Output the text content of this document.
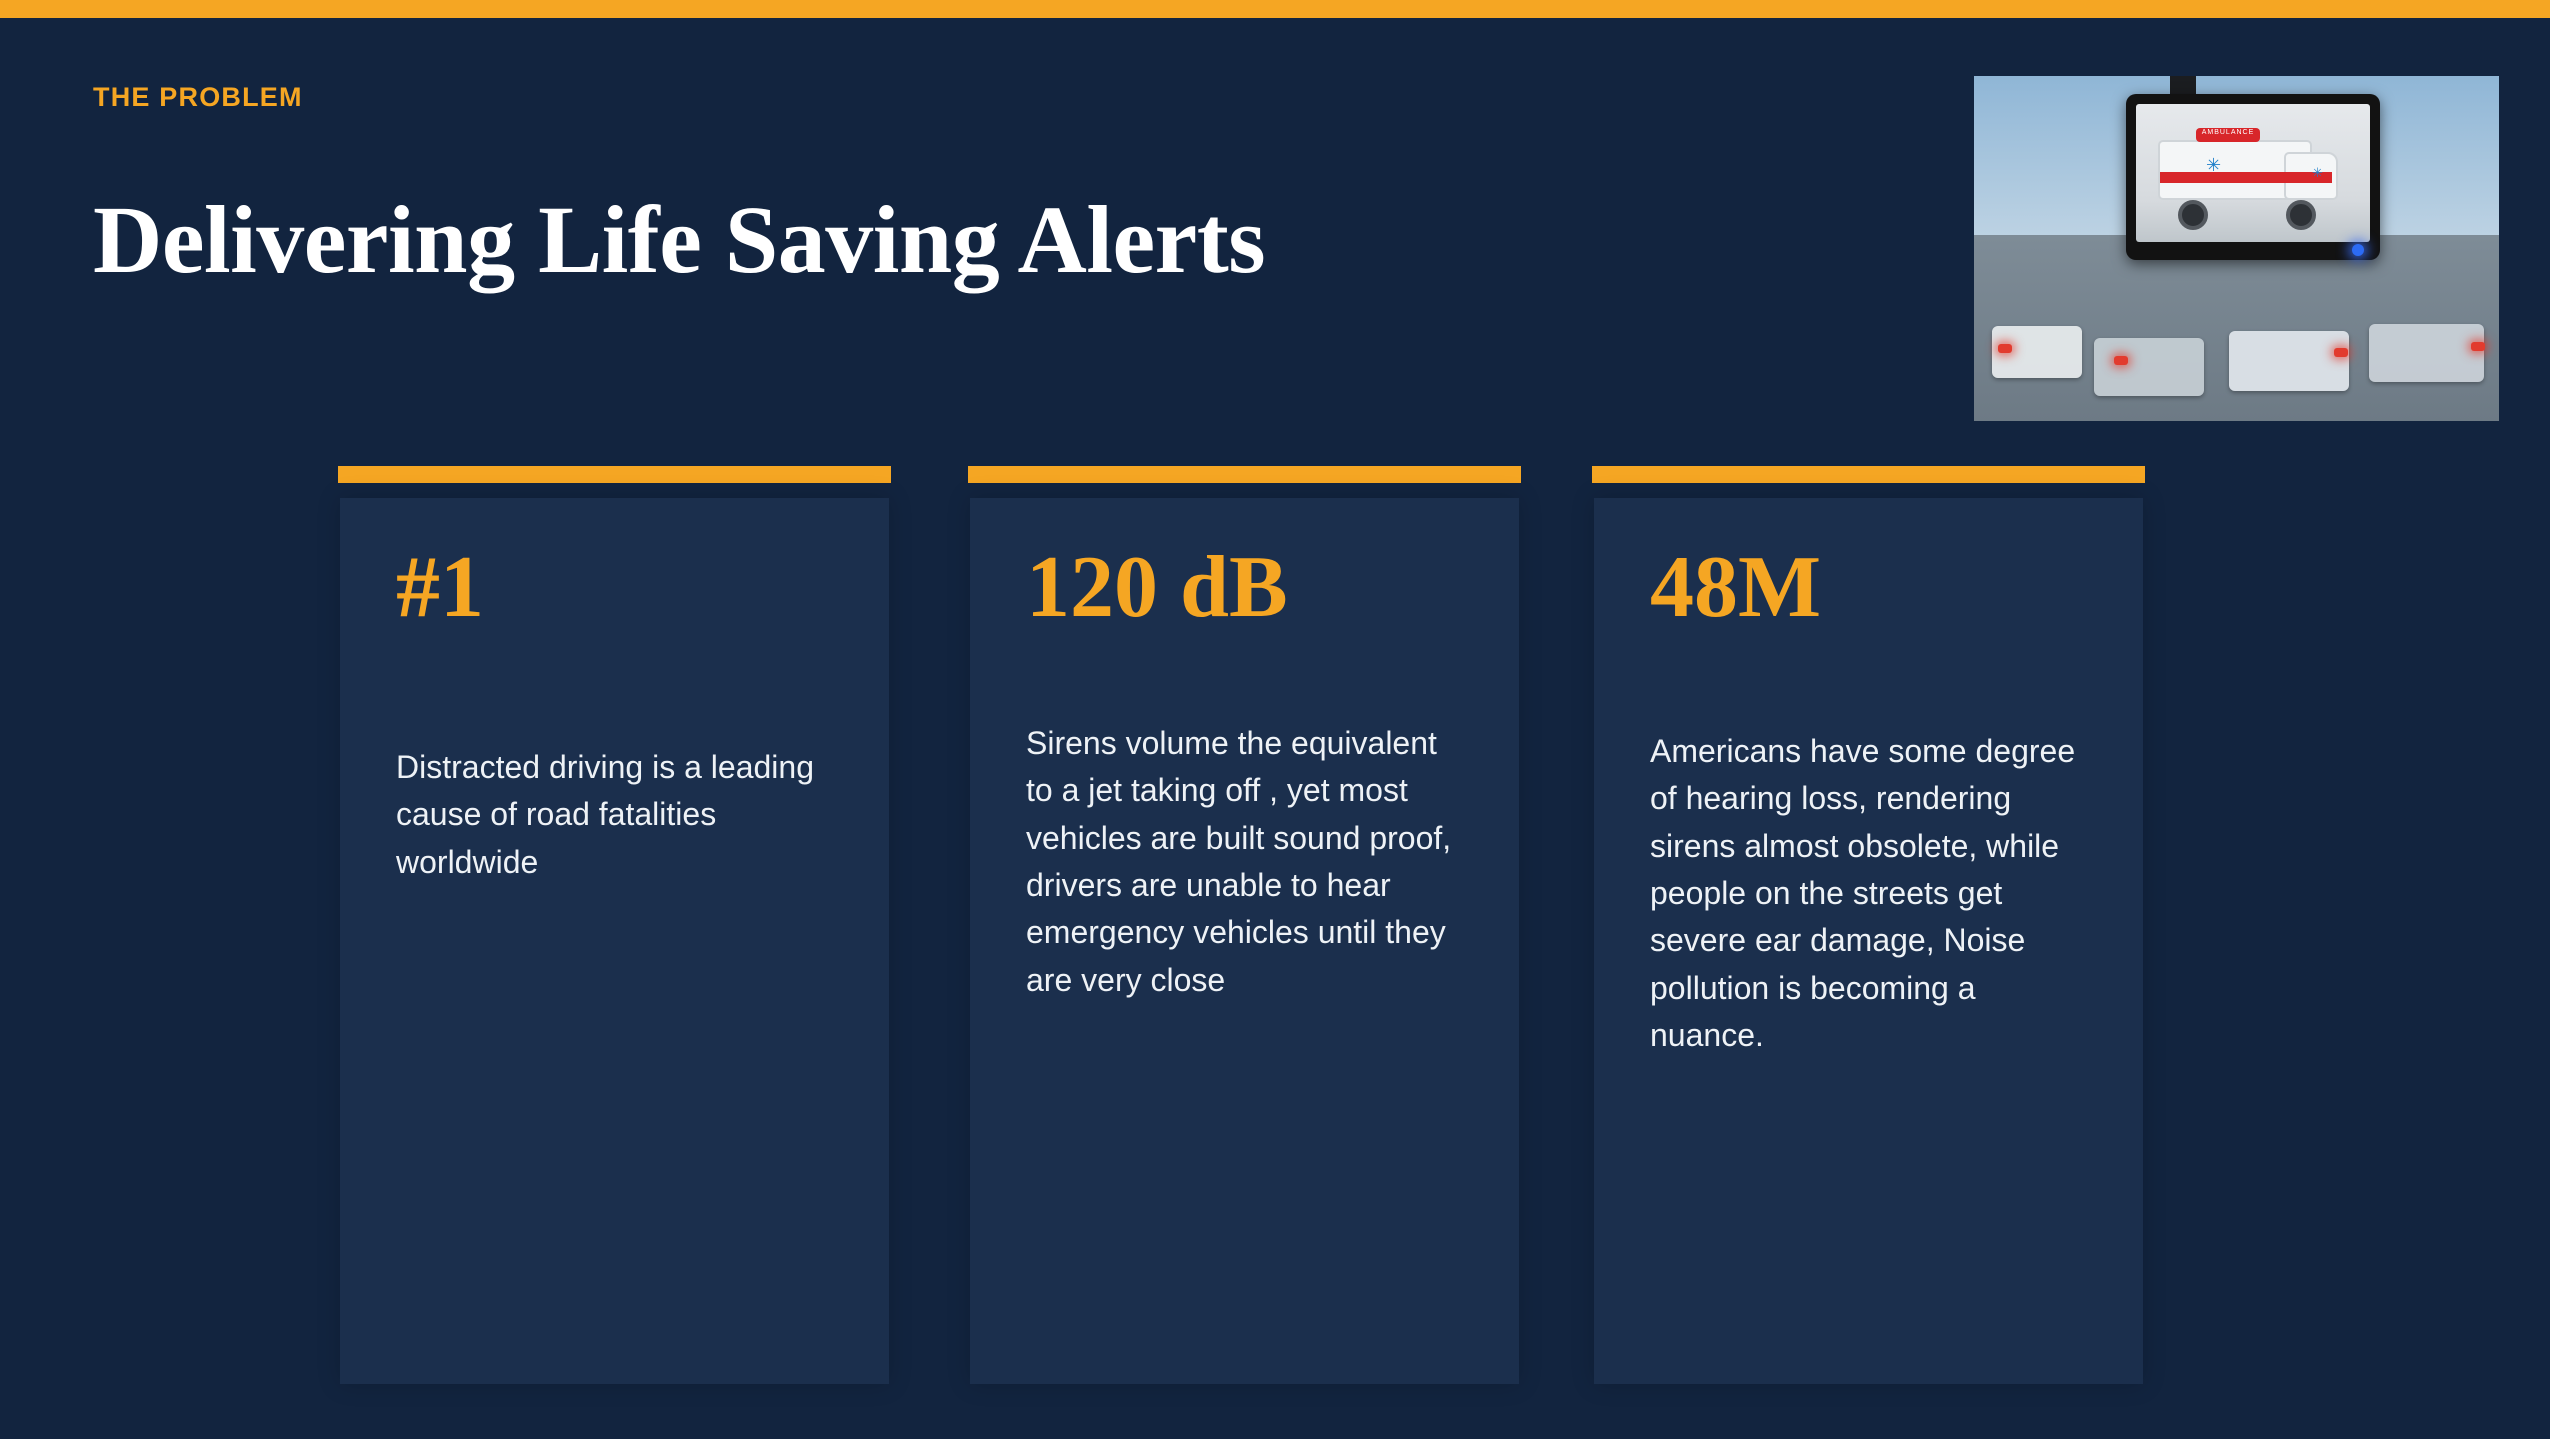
THE PROBLEM
Delivering Life Saving Alerts
AMBULANCE
✳	✳
#1
Distracted driving is a leading cause of road fatalities worldwide
120 dB
Sirens volume the equivalent to a jet taking off , yet most vehicles are built sound proof, drivers are unable to hear emergency vehicles until they are very close
48M
Americans have some degree of hearing loss, rendering sirens almost obsolete, while people on the streets get severe ear damage, Noise pollution is becoming a nuance.
